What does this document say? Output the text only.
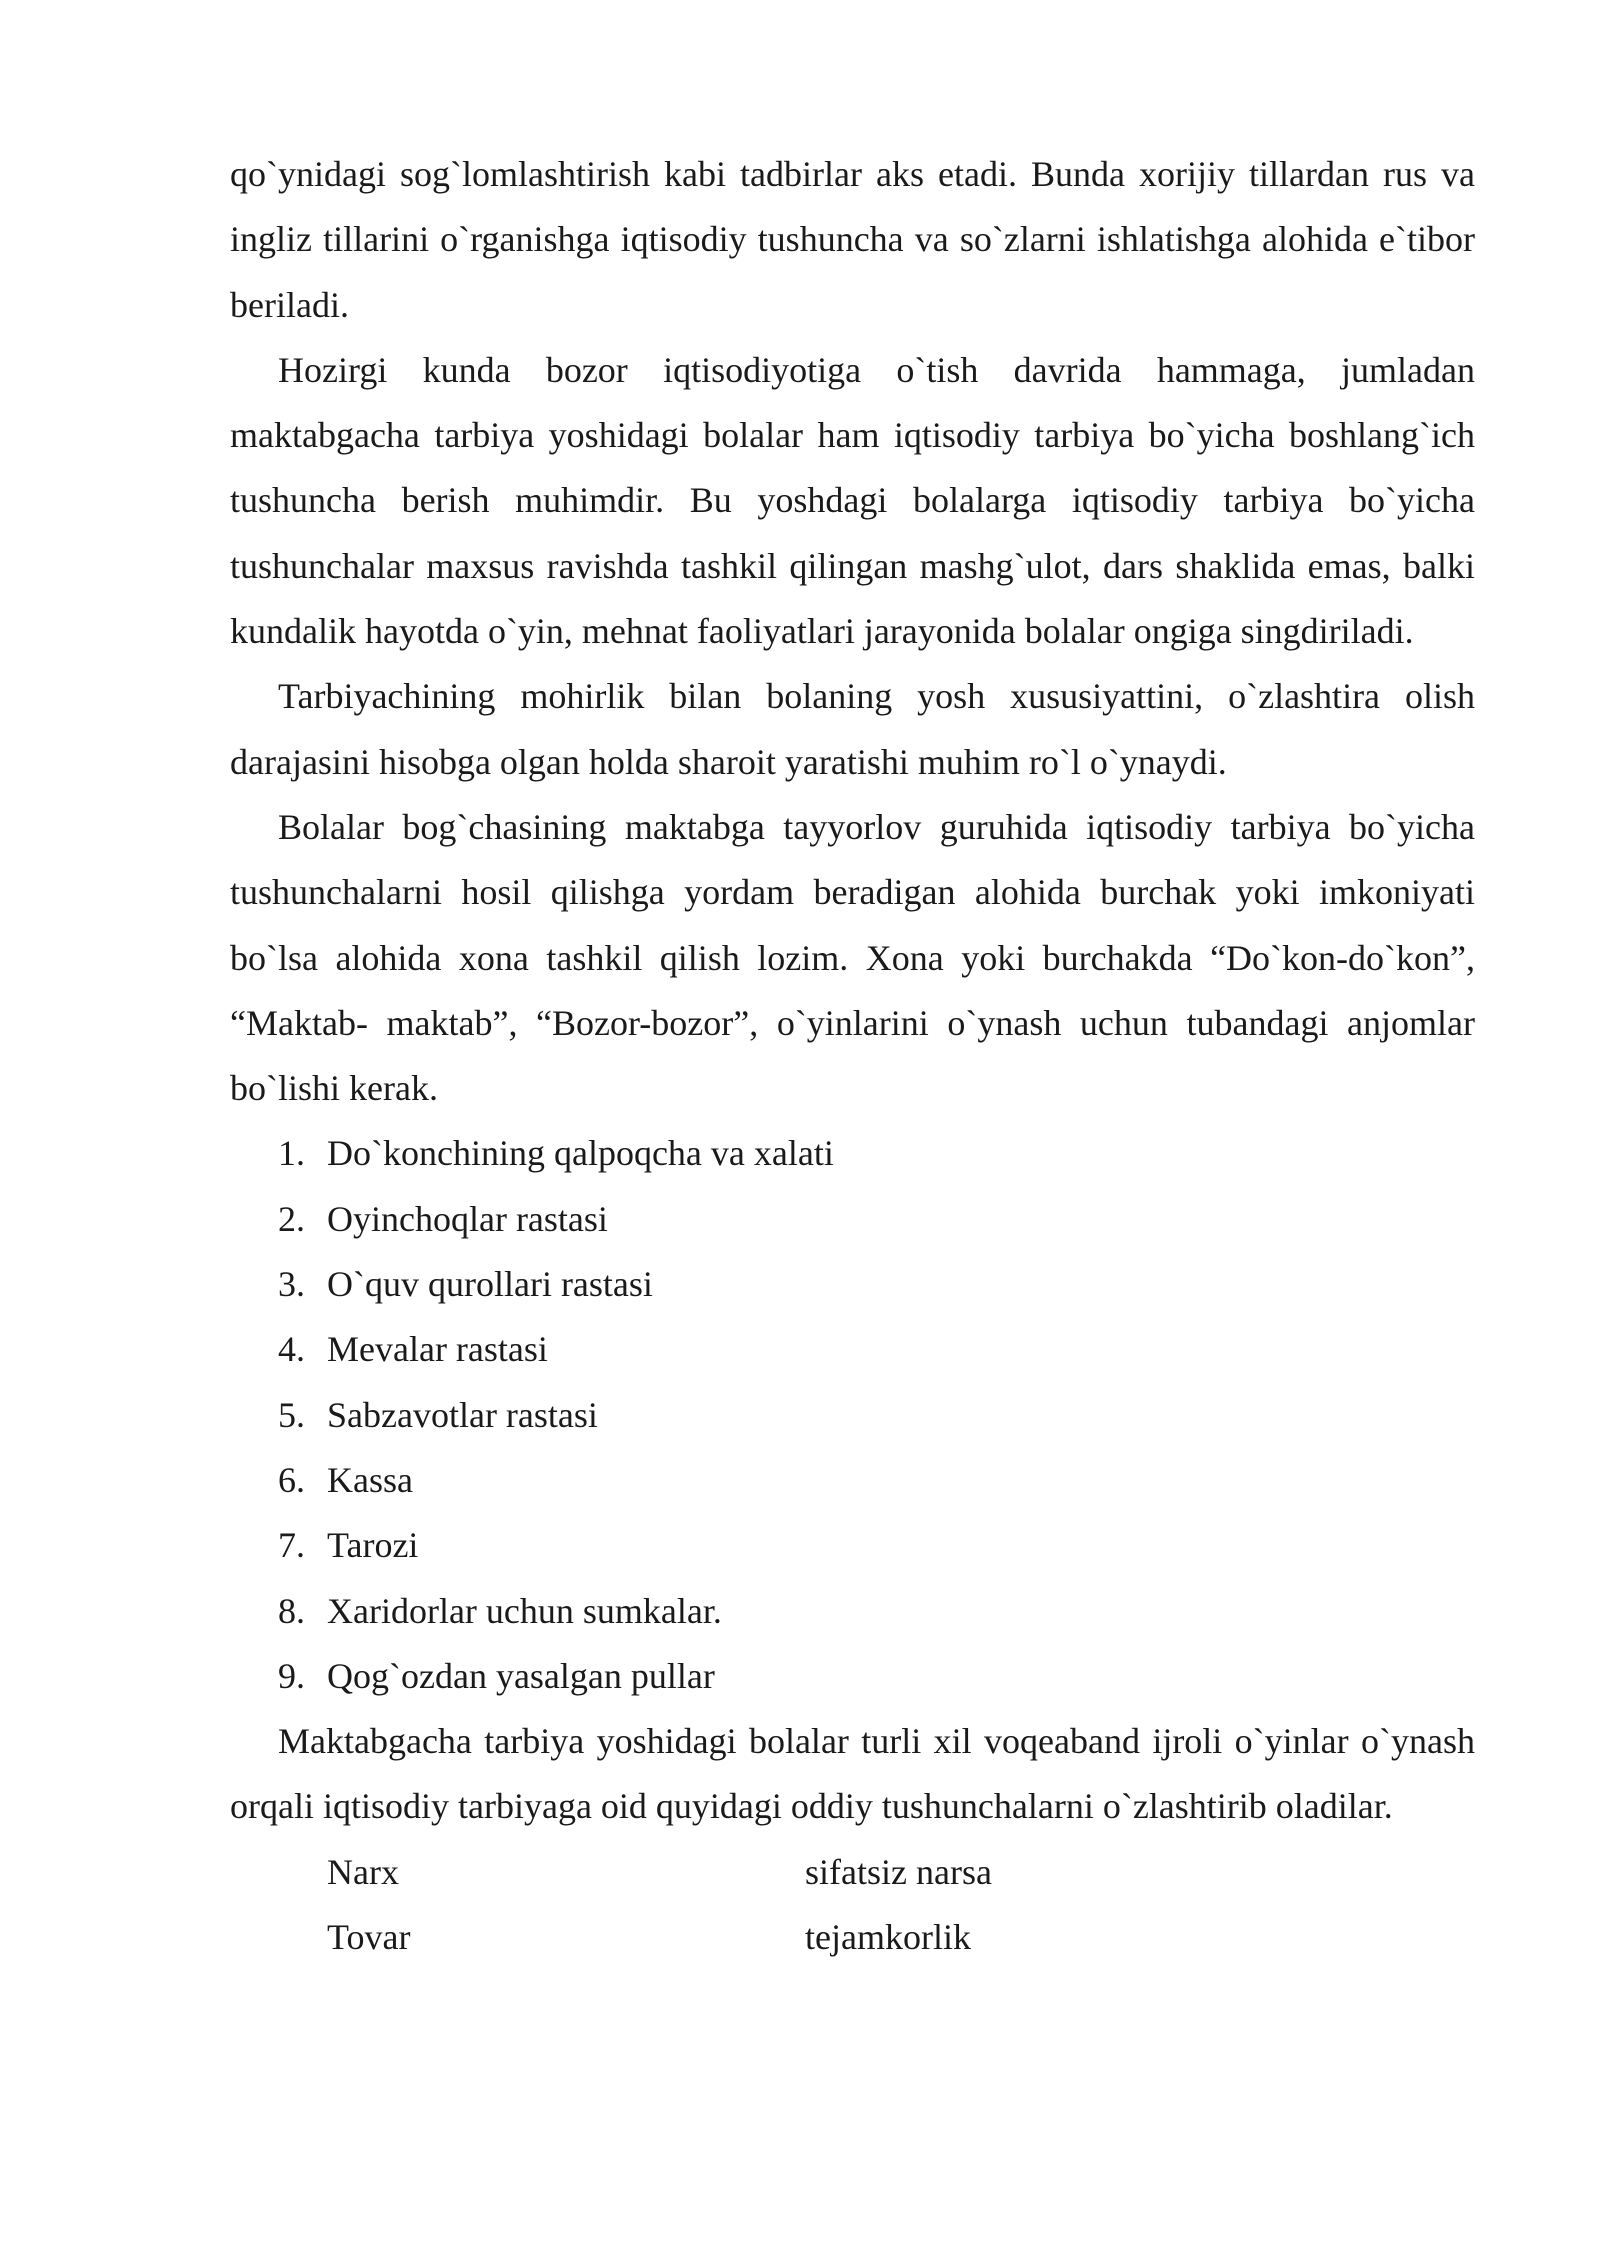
qo`ynidagi sog`lomlashtirish kabi tadbirlar aks etadi. Bunda xorijiy tillardan rus va ingliz tillarini o`rganishga iqtisodiy tushuncha va so`zlarni ishlatishga alohida e`tibor beriladi.

Hozirgi kunda bozor iqtisodiyotiga o`tish davrida hammaga, jumladan maktabgacha tarbiya yoshidagi bolalar ham iqtisodiy tarbiya bo`yicha boshlang`ich tushuncha berish muhimdir. Bu yoshdagi bolalarga iqtisodiy tarbiya bo`yicha tushunchalar maxsus ravishda tashkil qilingan mashg`ulot, dars shaklida emas, balki kundalik hayotda o`yin, mehnat faoliyatlari jarayonida bolalar ongiga singdiriladi.

Tarbiyachining mohirlik bilan bolaning yosh xususiyattini, o`zlashtira olish darajasini hisobga olgan holda sharoit yaratishi muhim ro`l o`ynaydi.

Bolalar bog`chasining maktabga tayyorlov guruhida iqtisodiy tarbiya bo`yicha tushunchalarni hosil qilishga yordam beradigan alohida burchak yoki imkoniyati bo`lsa alohida xona tashkil qilish lozim. Xona yoki burchakda “Do`kon-do`kon”, “Maktab- maktab”, “Bozor-bozor”, o`yinlarini o`ynash uchun tubandagi anjomlar bo`lishi kerak.

1. Do`konchining qalpoqcha va xalati
2. Oyinchoqlar rastasi
3. O`quv qurollari rastasi
4. Mevalar rastasi
5. Sabzavotlar rastasi
6. Kassa
7. Tarozi
8. Xaridorlar uchun sumkalar.
9. Qog`ozdan yasalgan pullar

Maktabgacha tarbiya yoshidagi bolalar turli xil voqeaband ijroli o`yinlar o`ynash orqali iqtisodiy tarbiyaga oid quyidagi oddiy tushunchalarni o`zlashtirib oladilar.

Narx	sifatsiz narsa
Tovar	tejamkorlik
